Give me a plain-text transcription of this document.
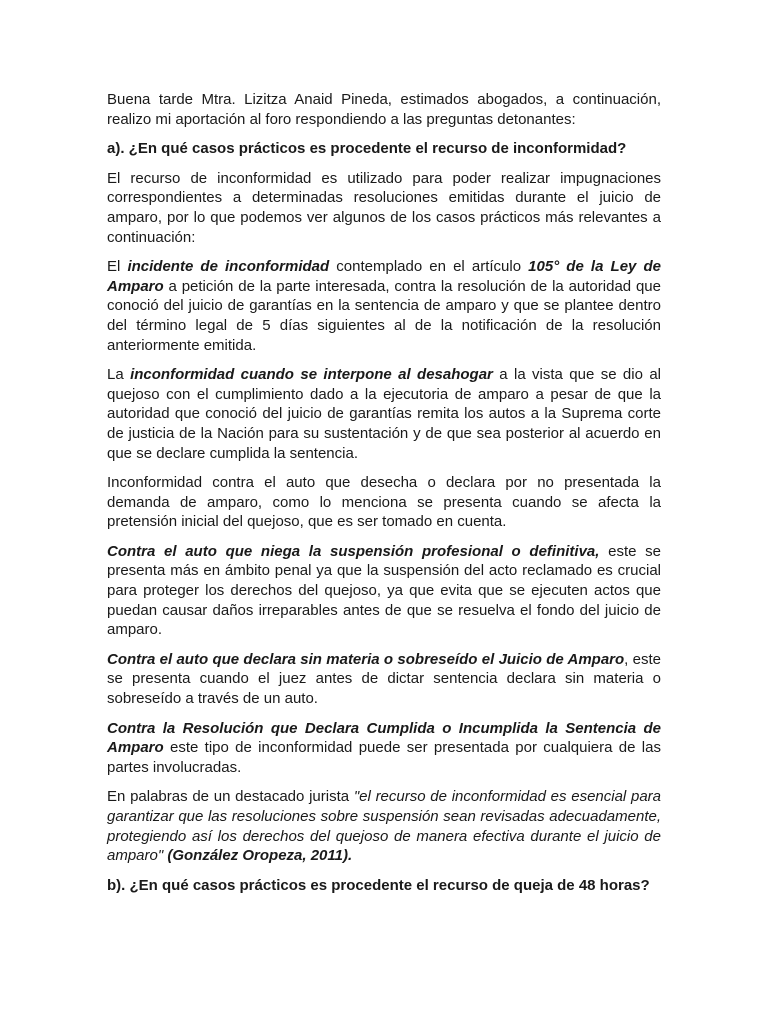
Buena tarde Mtra. Lizitza Anaid Pineda, estimados abogados, a continuación, realizo mi aportación al foro respondiendo a las preguntas detonantes:

a). ¿En qué casos prácticos es procedente el recurso de inconformidad?

El recurso de inconformidad es utilizado para poder realizar impugnaciones correspondientes a determinadas resoluciones emitidas durante el juicio de amparo, por lo que podemos ver algunos de los casos prácticos más relevantes a continuación:

El incidente de inconformidad contemplado en el artículo 105° de la Ley de Amparo a petición de la parte interesada, contra la resolución de la autoridad que conoció del juicio de garantías en la sentencia de amparo y que se plantee dentro del término legal de 5 días siguientes al de la notificación de la resolución anteriormente emitida.

La inconformidad cuando se interpone al desahogar a la vista que se dio al quejoso con el cumplimiento dado a la ejecutoria de amparo a pesar de que la autoridad que conoció del juicio de garantías remita los autos a la Suprema corte de justicia de la Nación para su sustentación y de que sea posterior al acuerdo en que se declare cumplida la sentencia.

Inconformidad contra el auto que desecha o declara por no presentada la demanda de amparo, como lo menciona se presenta cuando se afecta la pretensión inicial del quejoso, que es ser tomado en cuenta.

Contra el auto que niega la suspensión profesional o definitiva, este se presenta más en ámbito penal ya que la suspensión del acto reclamado es crucial para proteger los derechos del quejoso, ya que evita que se ejecuten actos que puedan causar daños irreparables antes de que se resuelva el fondo del juicio de amparo.

Contra el auto que declara sin materia o sobreseído el Juicio de Amparo, este se presenta cuando el juez antes de dictar sentencia declara sin materia o sobreseído a través de un auto.

Contra la Resolución que Declara Cumplida o Incumplida la Sentencia de Amparo este tipo de inconformidad puede ser presentada por cualquiera de las partes involucradas.

En palabras de un destacado jurista "el recurso de inconformidad es esencial para garantizar que las resoluciones sobre suspensión sean revisadas adecuadamente, protegiendo así los derechos del quejoso de manera efectiva durante el juicio de amparo" (González Oropeza, 2011).

b). ¿En qué casos prácticos es procedente el recurso de queja de 48 horas?
